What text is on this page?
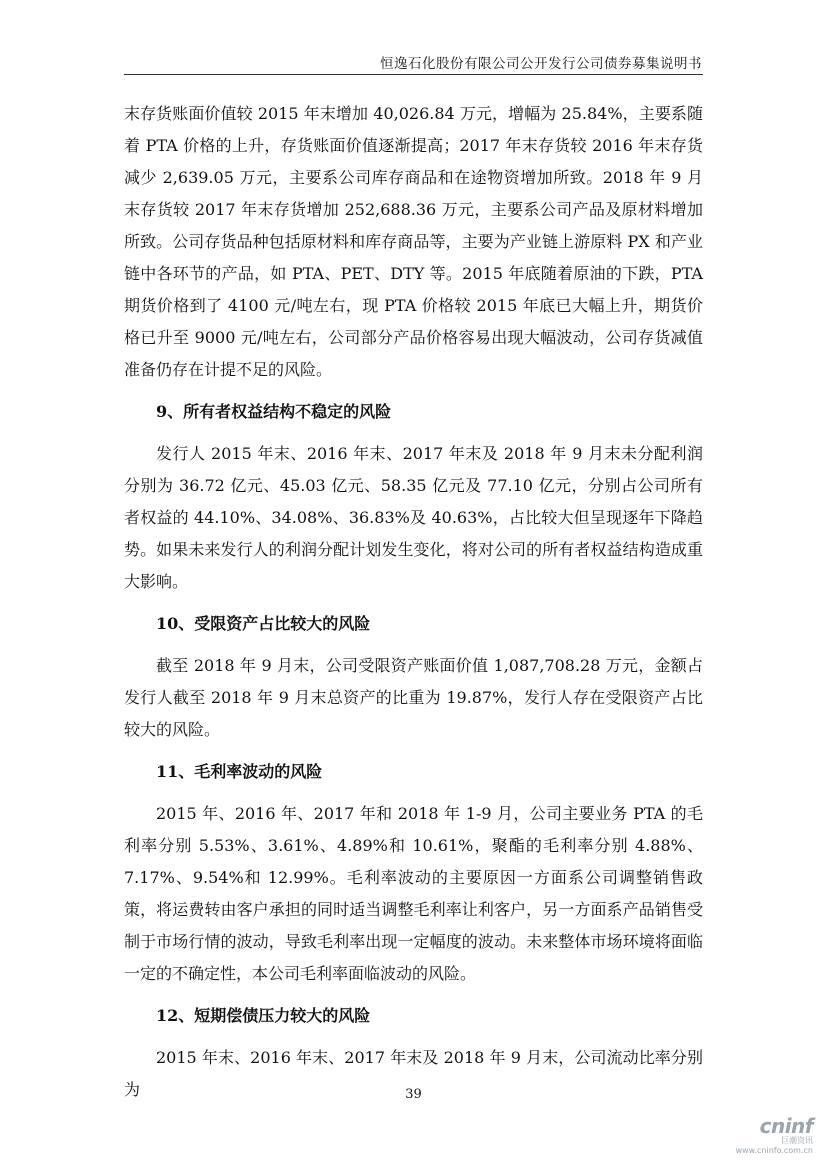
恒逸石化股份有限公司公开发行公司债券募集说明书

末存货账面价值较 2015 年末增加 40,026.84 万元，增幅为 25.84%，主要系随着 PTA 价格的上升，存货账面价值逐渐提高；2017 年末存货较 2016 年末存货减少 2,639.05 万元，主要系公司库存商品和在途物资增加所致。2018 年 9 月末存货较 2017 年末存货增加 252,688.36 万元，主要系公司产品及原材料增加所致。公司存货品种包括原材料和库存商品等，主要为产业链上游原料 PX 和产业链中各环节的产品，如 PTA、PET、DTY 等。2015 年底随着原油的下跌，PTA 期货价格到了 4100 元/吨左右，现 PTA 价格较 2015 年底已大幅上升，期货价格已升至 9000 元/吨左右，公司部分产品价格容易出现大幅波动，公司存货减值准备仍存在计提不足的风险。

9、所有者权益结构不稳定的风险

发行人 2015 年末、2016 年末、2017 年末及 2018 年 9 月末未分配利润分别为 36.72 亿元、45.03 亿元、58.35 亿元及 77.10 亿元，分别占公司所有者权益的 44.10%、34.08%、36.83%及 40.63%，占比较大但呈现逐年下降趋势。如果未来发行人的利润分配计划发生变化，将对公司的所有者权益结构造成重大影响。

10、受限资产占比较大的风险

截至 2018 年 9 月末，公司受限资产账面价值 1,087,708.28 万元，金额占发行人截至 2018 年 9 月末总资产的比重为 19.87%，发行人存在受限资产占比较大的风险。

11、毛利率波动的风险

2015 年、2016 年、2017 年和 2018 年 1-9 月，公司主要业务 PTA 的毛利率分别 5.53%、3.61%、4.89%和 10.61%，聚酯的毛利率分别 4.88%、7.17%、9.54%和 12.99%。毛利率波动的主要原因一方面系公司调整销售政策，将运费转由客户承担的同时适当调整毛利率让利客户，另一方面系产品销售受制于市场行情的波动，导致毛利率出现一定幅度的波动。未来整体市场环境将面临一定的不确定性，本公司毛利率面临波动的风险。

12、短期偿债压力较大的风险

2015 年末、2016 年末、2017 年末及 2018 年 9 月末，公司流动比率分别为	39
cninf
巨潮资讯
www.cninfo.com.cn
